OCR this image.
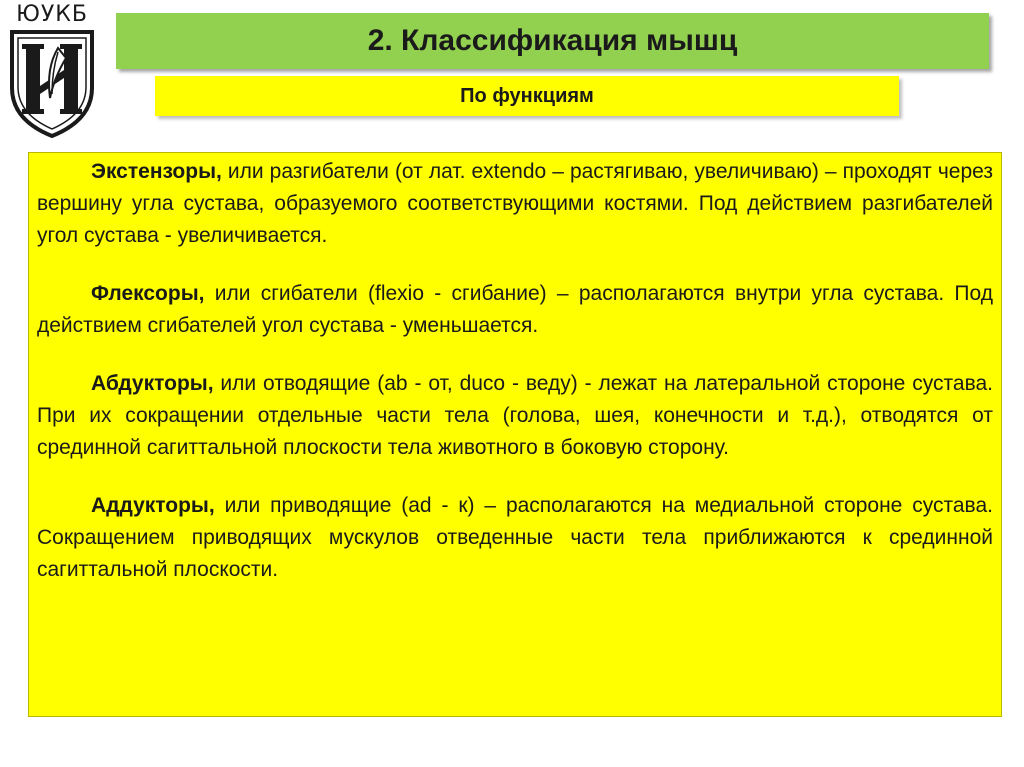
ЮУКБ
2. Классификация мышц
По функциям

Экстензоры, или разгибатели (от лат. extendo – растягиваю, увеличиваю) – проходят через вершину угла сустава, образуемого соответствующими костями. Под действием разгибателей угол сустава - увеличивается.

Флексоры, или сгибатели (flexio - сгибание) – располагаются внутри угла сустава. Под действием сгибателей угол сустава - уменьшается.

Абдукторы, или отводящие (ab - от, duco - веду) - лежат на латеральной стороне сустава. При их сокращении отдельные части тела (голова, шея, конечности и т.д.), отводятся от срединной сагиттальной плоскости тела животного в боковую сторону.

Аддукторы, или приводящие (ad - к) – располагаются на медиальной стороне сустава. Сокращением приводящих мускулов отведенные части тела приближаются к срединной сагиттальной плоскости.
